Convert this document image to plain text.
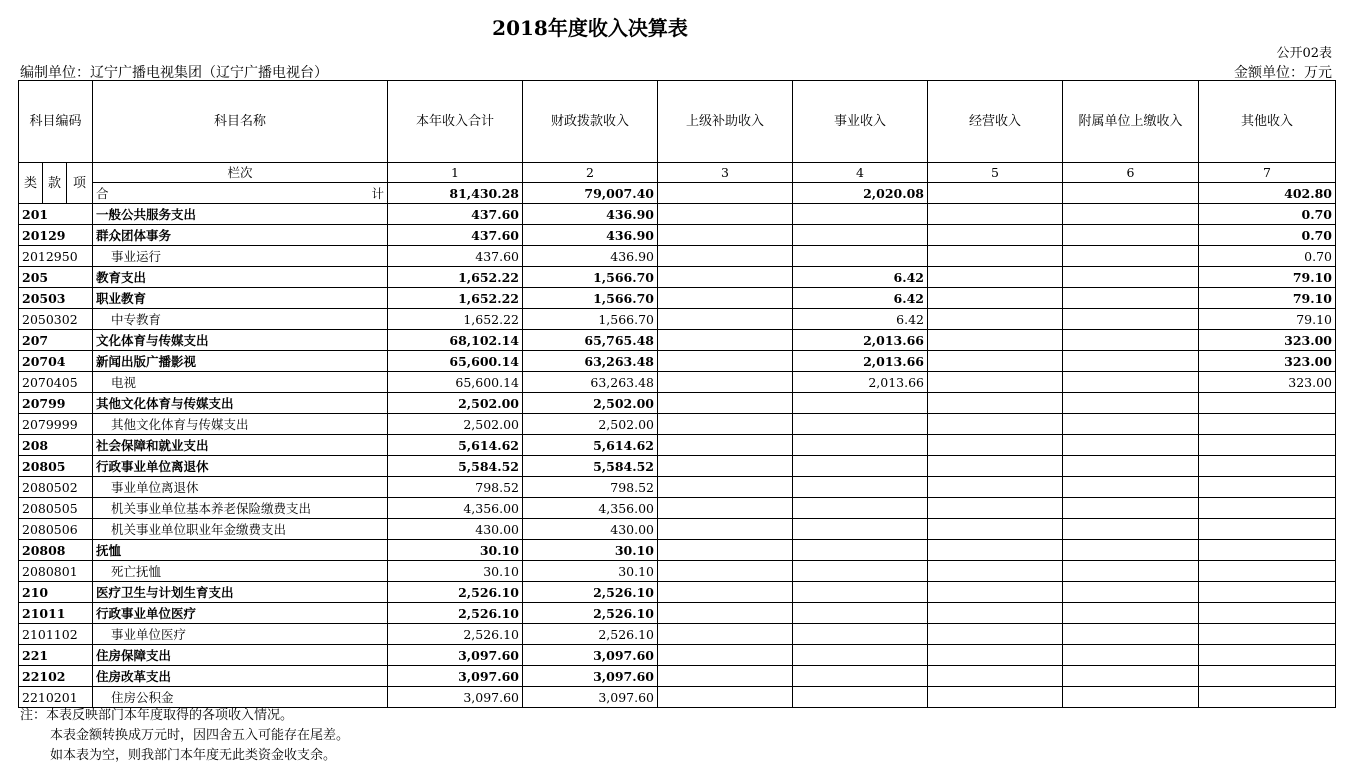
2018年度收入决算表
公开02表
编制单位：辽宁广播电视集团（辽宁广播电视台）	金额单位：万元
科目编码			科目名称	本年收入合计	财政拨款收入	上级补助收入	事业收入	经营收入	附属单位上缴收入	其他收入
类	款	项	栏次	1	2	3	4	5	6	7

			合 计	81,430.28	79,007.40		2,020.08			402.80
201			一般公共服务支出	437.60	436.90					0.70
20129			群众团体事务	437.60	436.90					0.70
2012950			事业运行	437.60	436.90					0.70
205			教育支出	1,652.22	1,566.70		6.42			79.10
20503			职业教育	1,652.22	1,566.70		6.42			79.10
2050302			中专教育	1,652.22	1,566.70		6.42			79.10
207			文化体育与传媒支出	68,102.14	65,765.48		2,013.66			323.00
20704			新闻出版广播影视	65,600.14	63,263.48		2,013.66			323.00
2070405			电视	65,600.14	63,263.48		2,013.66			323.00
20799			其他文化体育与传媒支出	2,502.00	2,502.00					
2079999			其他文化体育与传媒支出	2,502.00	2,502.00					
208			社会保障和就业支出	5,614.62	5,614.62					
20805			行政事业单位离退休	5,584.52	5,584.52					
2080502			事业单位离退休	798.52	798.52					
2080505			机关事业单位基本养老保险缴费支出	4,356.00	4,356.00					
2080506			机关事业单位职业年金缴费支出	430.00	430.00					
20808			抚恤	30.10	30.10					
2080801			死亡抚恤	30.10	30.10					
210			医疗卫生与计划生育支出	2,526.10	2,526.10					
21011			行政事业单位医疗	2,526.10	2,526.10					
2101102			事业单位医疗	2,526.10	2,526.10					
221			住房保障支出	3,097.60	3,097.60					
22102			住房改革支出	3,097.60	3,097.60					
2210201			住房公积金	3,097.60	3,097.60					
注：本表反映部门本年度取得的各项收入情况。
本表金额转换成万元时，因四舍五入可能存在尾差。
如本表为空，则我部门本年度无此类资金收支余。
